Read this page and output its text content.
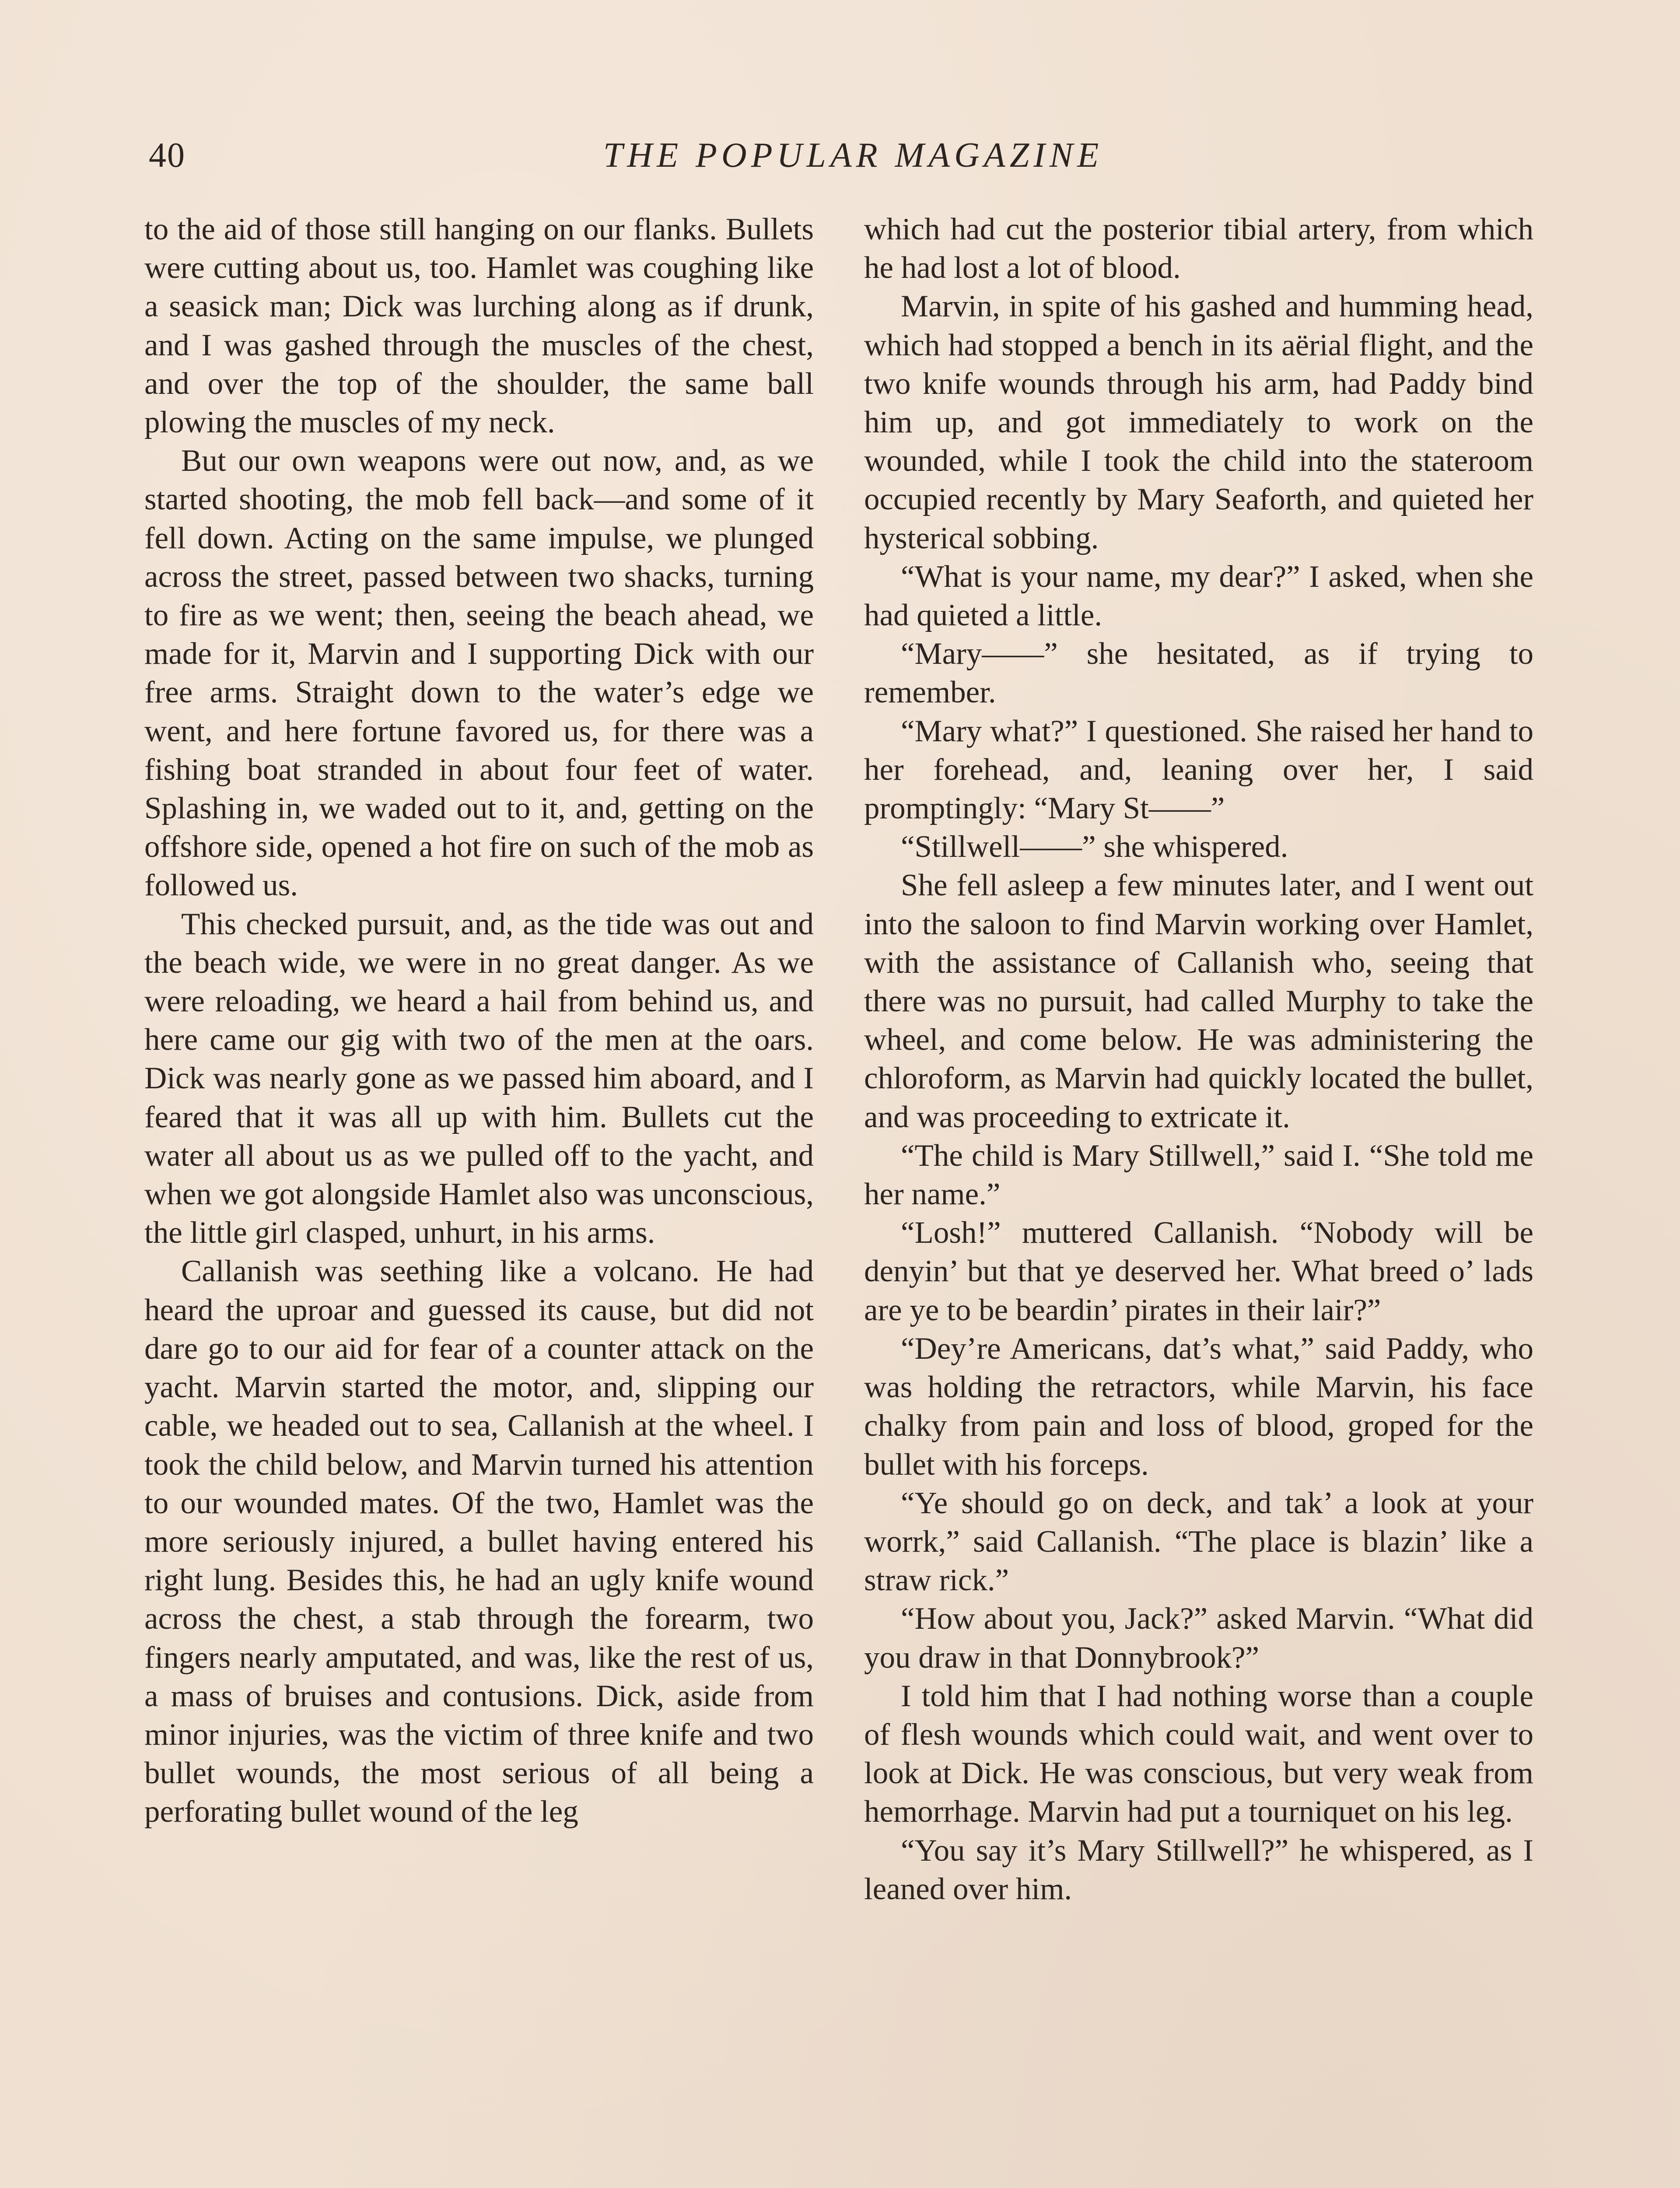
40	THE POPULAR MAGAZINE

to the aid of those still hanging on our flanks. Bullets were cutting about us, too. Hamlet was coughing like a seasick man; Dick was lurching along as if drunk, and I was gashed through the muscles of the chest, and over the top of the shoulder, the same ball plowing the muscles of my neck.

But our own weapons were out now, and, as we started shooting, the mob fell back—and some of it fell down. Acting on the same impulse, we plunged across the street, passed between two shacks, turning to fire as we went; then, seeing the beach ahead, we made for it, Marvin and I supporting Dick with our free arms. Straight down to the water’s edge we went, and here fortune favored us, for there was a fishing boat stranded in about four feet of water. Splashing in, we waded out to it, and, getting on the offshore side, opened a hot fire on such of the mob as followed us.

This checked pursuit, and, as the tide was out and the beach wide, we were in no great danger. As we were reloading, we heard a hail from behind us, and here came our gig with two of the men at the oars. Dick was nearly gone as we passed him aboard, and I feared that it was all up with him. Bullets cut the water all about us as we pulled off to the yacht, and when we got alongside Hamlet also was unconscious, the little girl clasped, unhurt, in his arms.

Callanish was seething like a volcano. He had heard the uproar and guessed its cause, but did not dare go to our aid for fear of a counter attack on the yacht. Marvin started the motor, and, slipping our cable, we headed out to sea, Callanish at the wheel. I took the child below, and Marvin turned his attention to our wounded mates. Of the two, Hamlet was the more seriously injured, a bullet having entered his right lung. Besides this, he had an ugly knife wound across the chest, a stab through the forearm, two fingers nearly amputated, and was, like the rest of us, a mass of bruises and contusions. Dick, aside from minor injuries, was the victim of three knife and two bullet wounds, the most serious of all being a perforating bullet wound of the leg

which had cut the posterior tibial artery, from which he had lost a lot of blood.

Marvin, in spite of his gashed and humming head, which had stopped a bench in its aërial flight, and the two knife wounds through his arm, had Paddy bind him up, and got immediately to work on the wounded, while I took the child into the stateroom occupied recently by Mary Seaforth, and quieted her hysterical sobbing.

“What is your name, my dear?” I asked, when she had quieted a little.

“Mary——” she hesitated, as if trying to remember.

“Mary what?” I questioned. She raised her hand to her forehead, and, leaning over her, I said promptingly: “Mary St——”

“Stillwell——” she whispered.

She fell asleep a few minutes later, and I went out into the saloon to find Marvin working over Hamlet, with the assistance of Callanish who, seeing that there was no pursuit, had called Murphy to take the wheel, and come below. He was administering the chloroform, as Marvin had quickly located the bullet, and was proceeding to extricate it.

“The child is Mary Stillwell,” said I. “She told me her name.”

“Losh!” muttered Callanish. “Nobody will be denyin’ but that ye deserved her. What breed o’ lads are ye to be beardin’ pirates in their lair?”

“Dey’re Americans, dat’s what,” said Paddy, who was holding the retractors, while Marvin, his face chalky from pain and loss of blood, groped for the bullet with his forceps.

“Ye should go on deck, and tak’ a look at your worrk,” said Callanish. “The place is blazin’ like a straw rick.”

“How about you, Jack?” asked Marvin. “What did you draw in that Donnybrook?”

I told him that I had nothing worse than a couple of flesh wounds which could wait, and went over to look at Dick. He was conscious, but very weak from hemorrhage. Marvin had put a tourniquet on his leg.

“You say it’s Mary Stillwell?” he whispered, as I leaned over him.
